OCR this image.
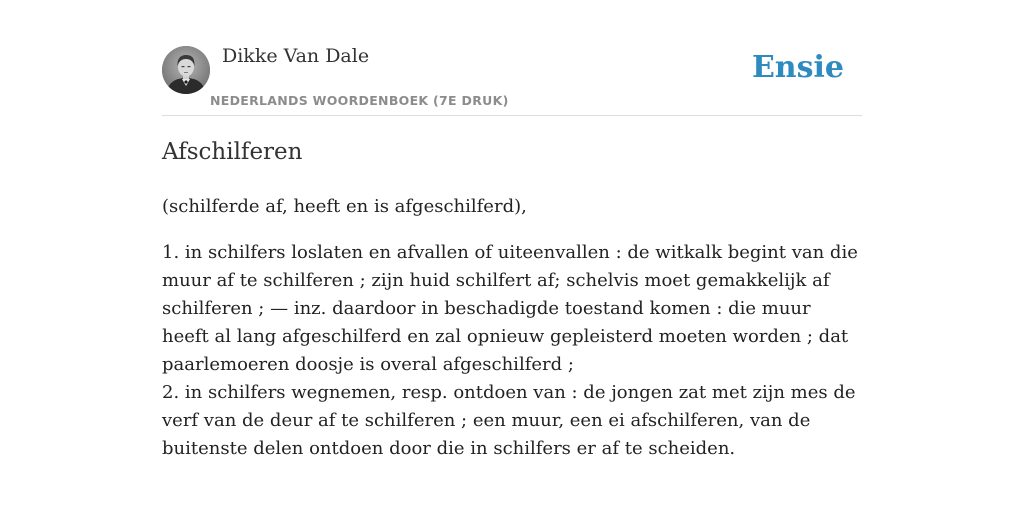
Dikke Van Dale
NEDERLANDS WOORDENBOEK (7E DRUK)
Ensie
Afschilferen

(schilferde af, heeft en is afgeschilferd),

1. in schilfers loslaten en afvallen of uiteenvallen : de witkalk begint van die muur af te schilferen ; zijn huid schilfert af; schelvis moet gemakkelijk af schilferen ; — inz. daardoor in beschadigde toestand komen : die muur heeft al lang afgeschilferd en zal opnieuw gepleisterd moeten worden ; dat paarlemoeren doosje is overal afgeschilferd ;

2. in schilfers wegnemen, resp. ontdoen van : de jongen zat met zijn mes de verf van de deur af te schilferen ; een muur, een ei afschilferen, van de buitenste delen ontdoen door die in schilfers er af te scheiden.
